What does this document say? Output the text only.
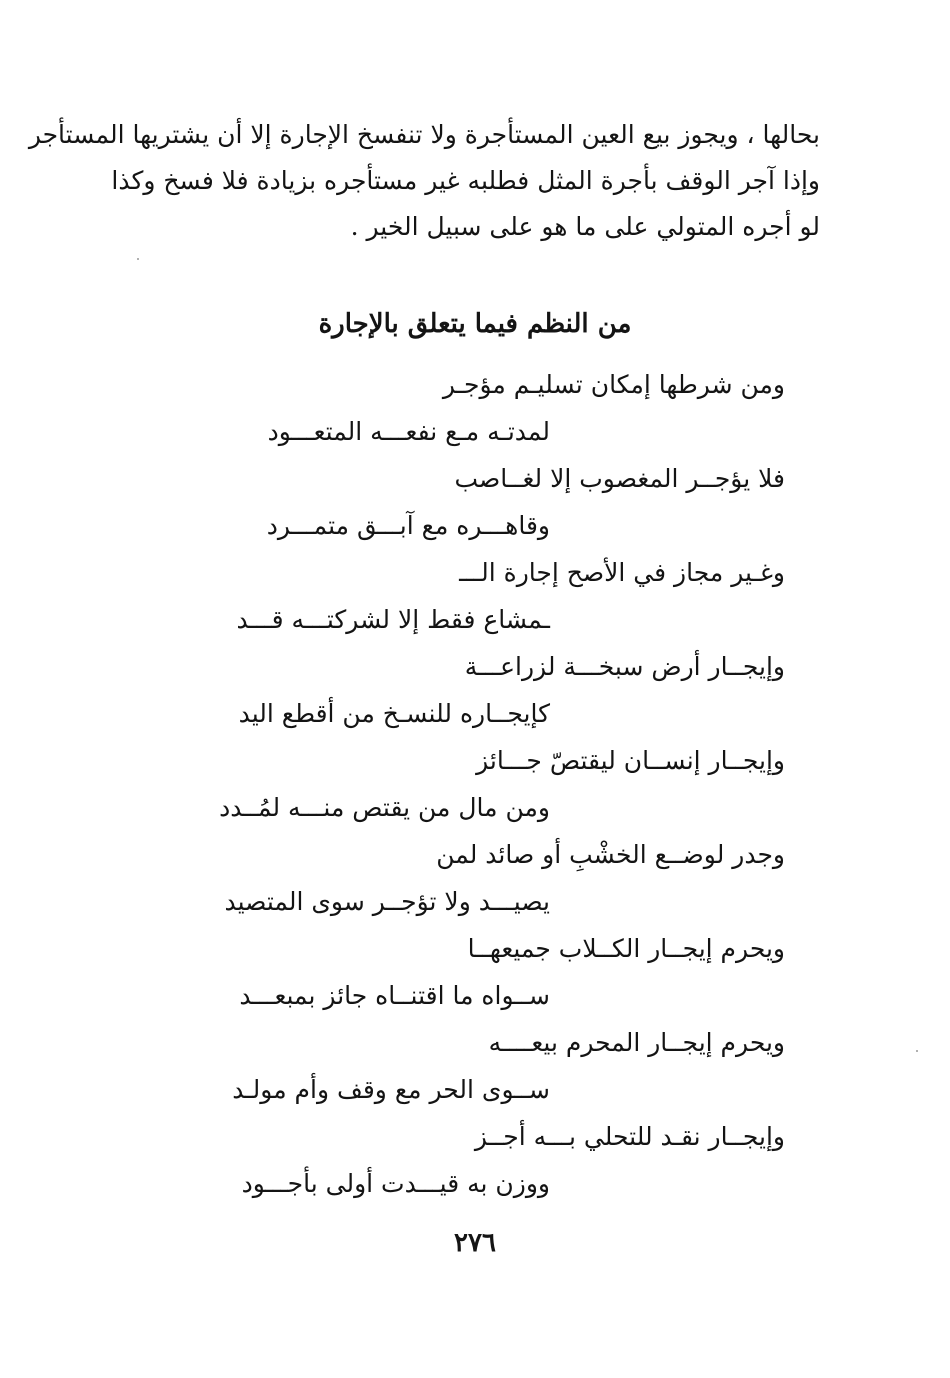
بحالها ، ويجوز بيع العين المستأجرة ولا تنفسخ الإجارة إلا أن يشتريها المستأجر

وإذا آجر الوقف بأجرة المثل فطلبه غير مستأجره بزيادة فلا فسخ وكذا

لو أجره المتولي على ما هو على سبيل الخير .

من النظم فيما يتعلق بالإجارة
ومن شرطها إمكان تسليـم مؤجـر
لمدتـه مـع نفعـــه المتعـــود
فلا يؤجــر المغصوب إلا لغــاصب
وقاهـــره مع آبـــق متمـــرد
وغـير مجاز في الأصح إجارة الـــ
ـمشاع فقط إلا لشركتـــه قـــد
وإيجــار أرض سبخـــة لزراعـــة
كإيجــاره للنسـخ من أقطع اليد
وإيجــار إنســان ليقتصّ جـــائز
ومن مال من يقتص منـــه لمُــدد
وجدر لوضــع الخشْبِ أو صائد لمن
يصيـــد ولا تؤجــر سوى المتصيد
ويحرم إيجــار الكــلاب جميعهــا
ســواه ما اقتنــاه جائز بمبعـــد
ويحرم إيجــار المحرم بيعــــه
ســوى الحر مع وقف وأم مولـد
وإيجــار نقـد للتحلي بـــه أجــز
ووزن به قيـــدت أولى بأجـــود
٢٧٦
